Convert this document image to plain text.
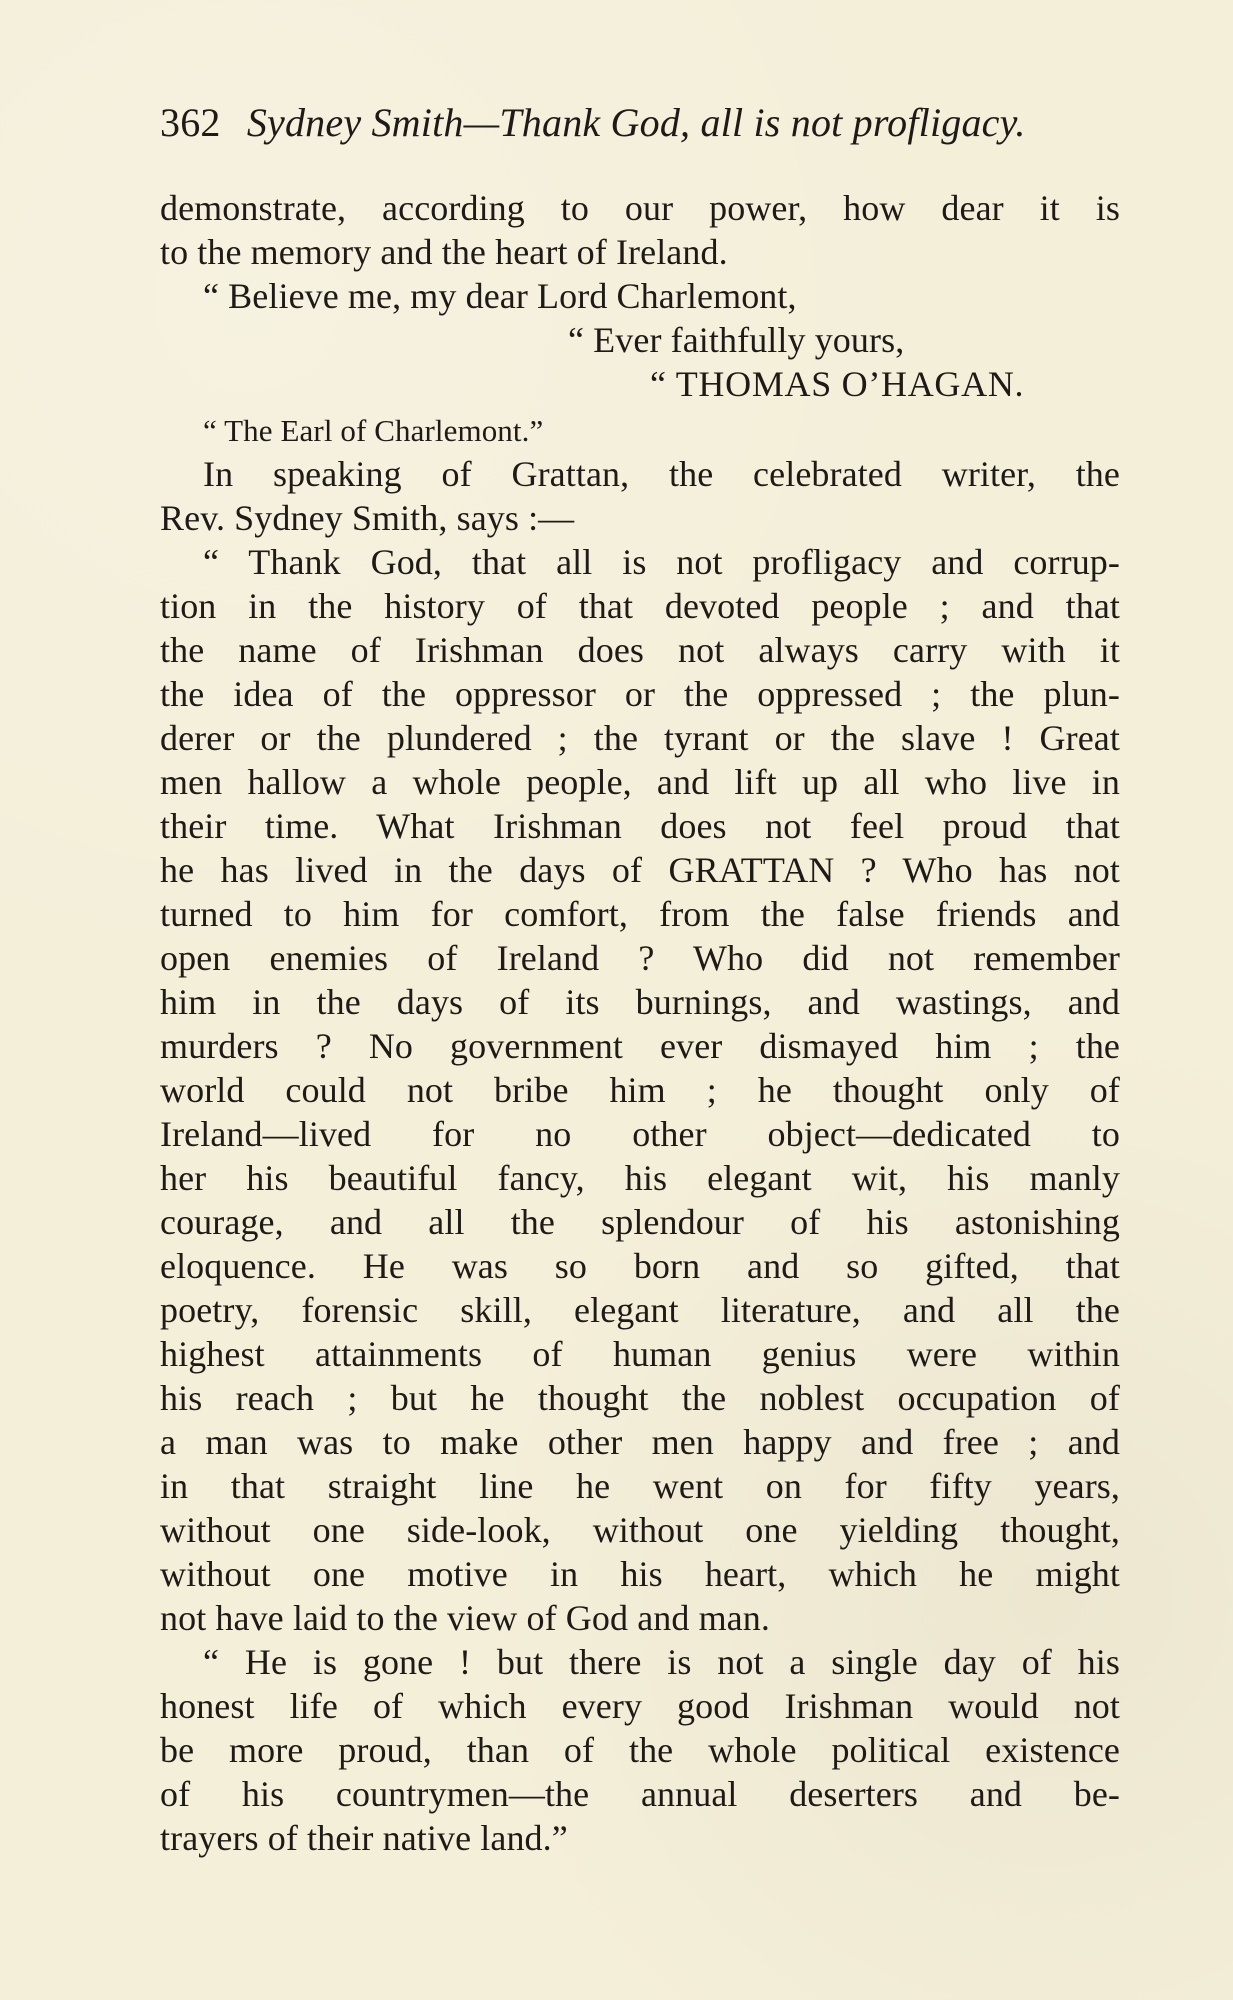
362 Sydney Smith—Thank God, all is not profligacy.
demonstrate, according to our power, how dear it is
to the memory and the heart of Ireland.
“ Believe me, my dear Lord Charlemont,
“ Ever faithfully yours,
“ THOMAS O’HAGAN.
“ The Earl of Charlemont.”
In speaking of Grattan, the celebrated writer, the
Rev. Sydney Smith, says :—
“ Thank God, that all is not profligacy and corrup-
tion in the history of that devoted people ; and that
the name of Irishman does not always carry with it
the idea of the oppressor or the oppressed ; the plun-
derer or the plundered ; the tyrant or the slave ! Great
men hallow a whole people, and lift up all who live in
their time. What Irishman does not feel proud that
he has lived in the days of GRATTAN ? Who has not
turned to him for comfort, from the false friends and
open enemies of Ireland ? Who did not remember
him in the days of its burnings, and wastings, and
murders ? No government ever dismayed him ; the
world could not bribe him ; he thought only of
Ireland—lived for no other object—dedicated to
her his beautiful fancy, his elegant wit, his manly
courage, and all the splendour of his astonishing
eloquence. He was so born and so gifted, that
poetry, forensic skill, elegant literature, and all the
highest attainments of human genius were within
his reach ; but he thought the noblest occupation of
a man was to make other men happy and free ; and
in that straight line he went on for fifty years,
without one side-look, without one yielding thought,
without one motive in his heart, which he might
not have laid to the view of God and man.
“ He is gone ! but there is not a single day of his
honest life of which every good Irishman would not
be more proud, than of the whole political existence
of his countrymen—the annual deserters and be-
trayers of their native land.”
